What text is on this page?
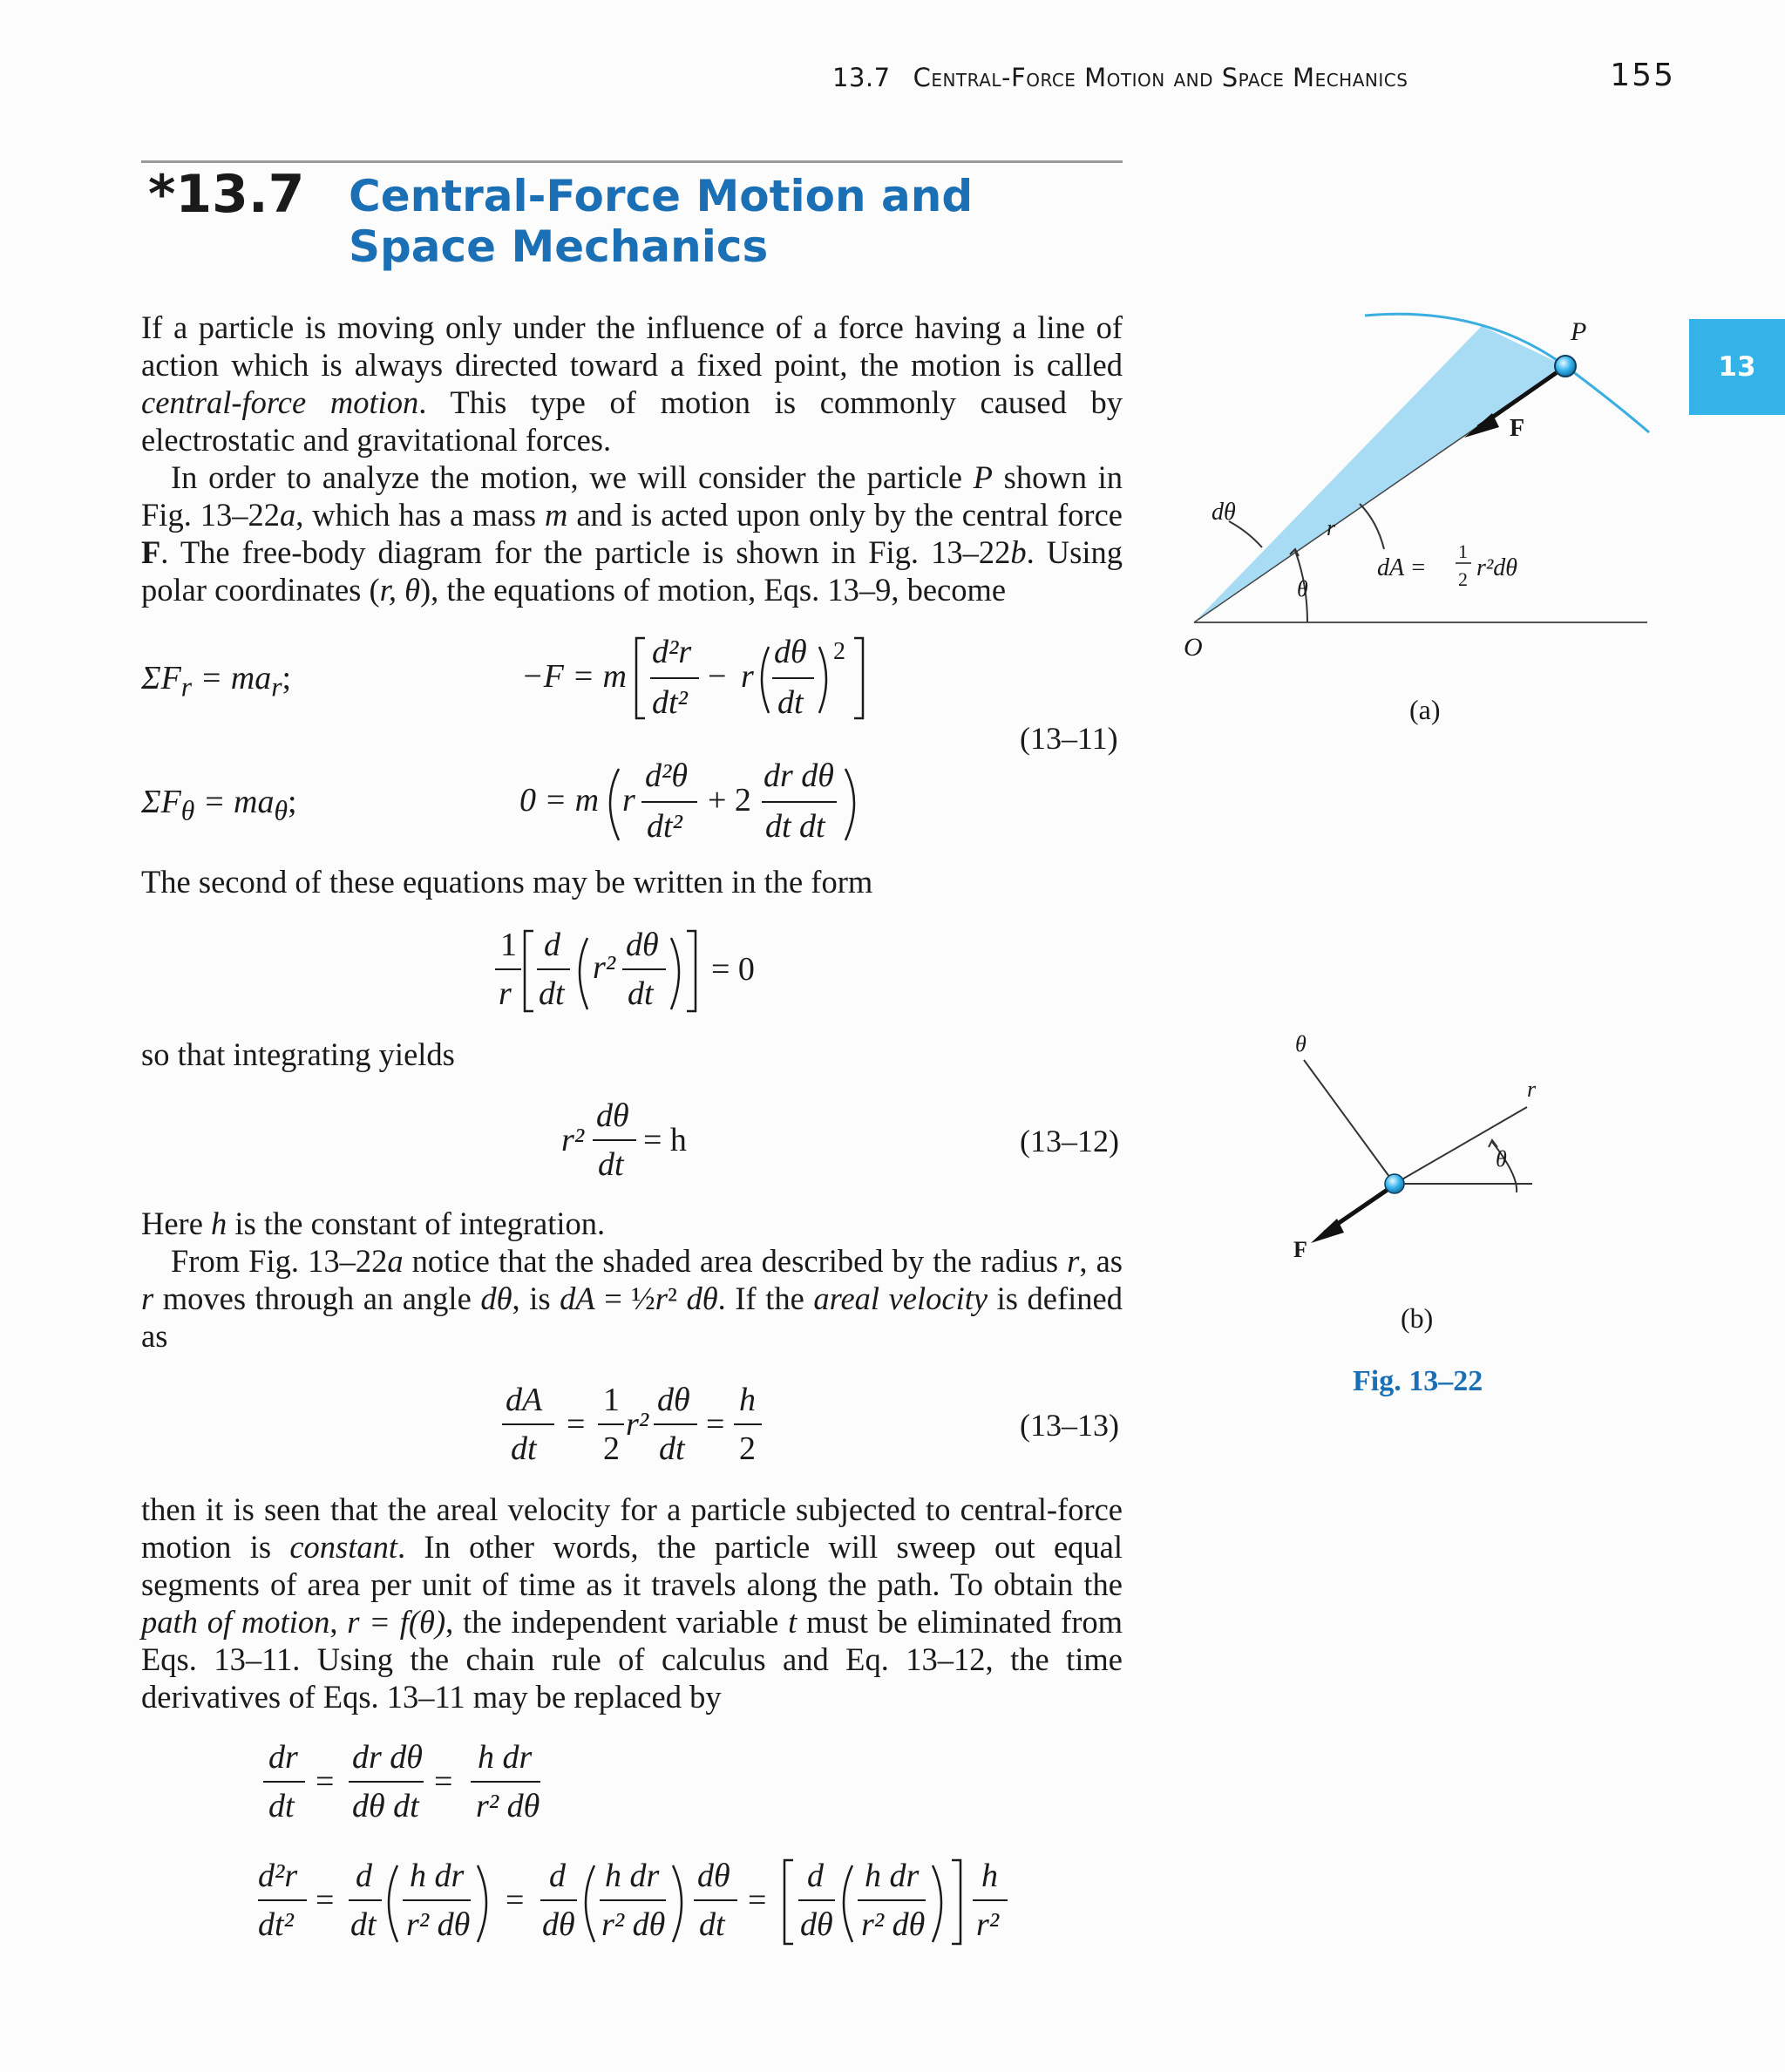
13.7 Central-Force Motion and Space Mechanics	155
*13.7 Central-Force Motion and Space Mechanics
13

If a particle is moving only under the influence of a force having a line of action which is always directed toward a fixed point, the motion is called central-force motion. This type of motion is commonly caused by electrostatic and gravitational forces.

In order to analyze the motion, we will consider the particle P shown in Fig. 13–22a, which has a mass m and is acted upon only by the central force F. The free-body diagram for the particle is shown in Fig. 13–22b. Using polar coordinates (r, θ), the equations of motion, Eqs. 13–9, become

$\Sigma F_r = ma_r$;	−F = m
d²r
dt²
− r
dθ
dt
2
(13–11)
$\Sigma F_\theta = ma_\theta$;	0 = m r
d²θ
dt²
+ 2
dr dθ
dt dt
The second of these equations may be written in the form
1
r
d
dt
r²
dθ
dt
= 0
so that integrating yields
r²
dθ
dt
= h	(13–12)

Here h is the constant of integration.

From Fig. 13–22a notice that the shaded area described by the radius r, as r moves through an angle dθ, is dA = ½r² dθ. If the areal velocity is defined as

dA
dt
=
1
2
r²
dθ
dt
=
h
2
(13–13)

then it is seen that the areal velocity for a particle subjected to central-force motion is constant. In other words, the particle will sweep out equal segments of area per unit of time as it travels along the path. To obtain the path of motion, r = f(θ), the independent variable t must be eliminated from Eqs. 13–11. Using the chain rule of calculus and Eq. 13–12, the time derivatives of Eqs. 13–11 may be replaced by

dr
dt
=
dr dθ
dθ dt
=
h dr
r² dθ
d²r
dt²
=
d
dt
h dr
r² dθ
=
d
dθ
h dr
r² dθ
dθ
dt
=
d
dθ
h dr
r² dθ
h
r²
P
F
dθ
r
θ
O
dA =
1
2 r²dθ
(a)
θ
r
θ
F
(b)
Fig. 13–22
